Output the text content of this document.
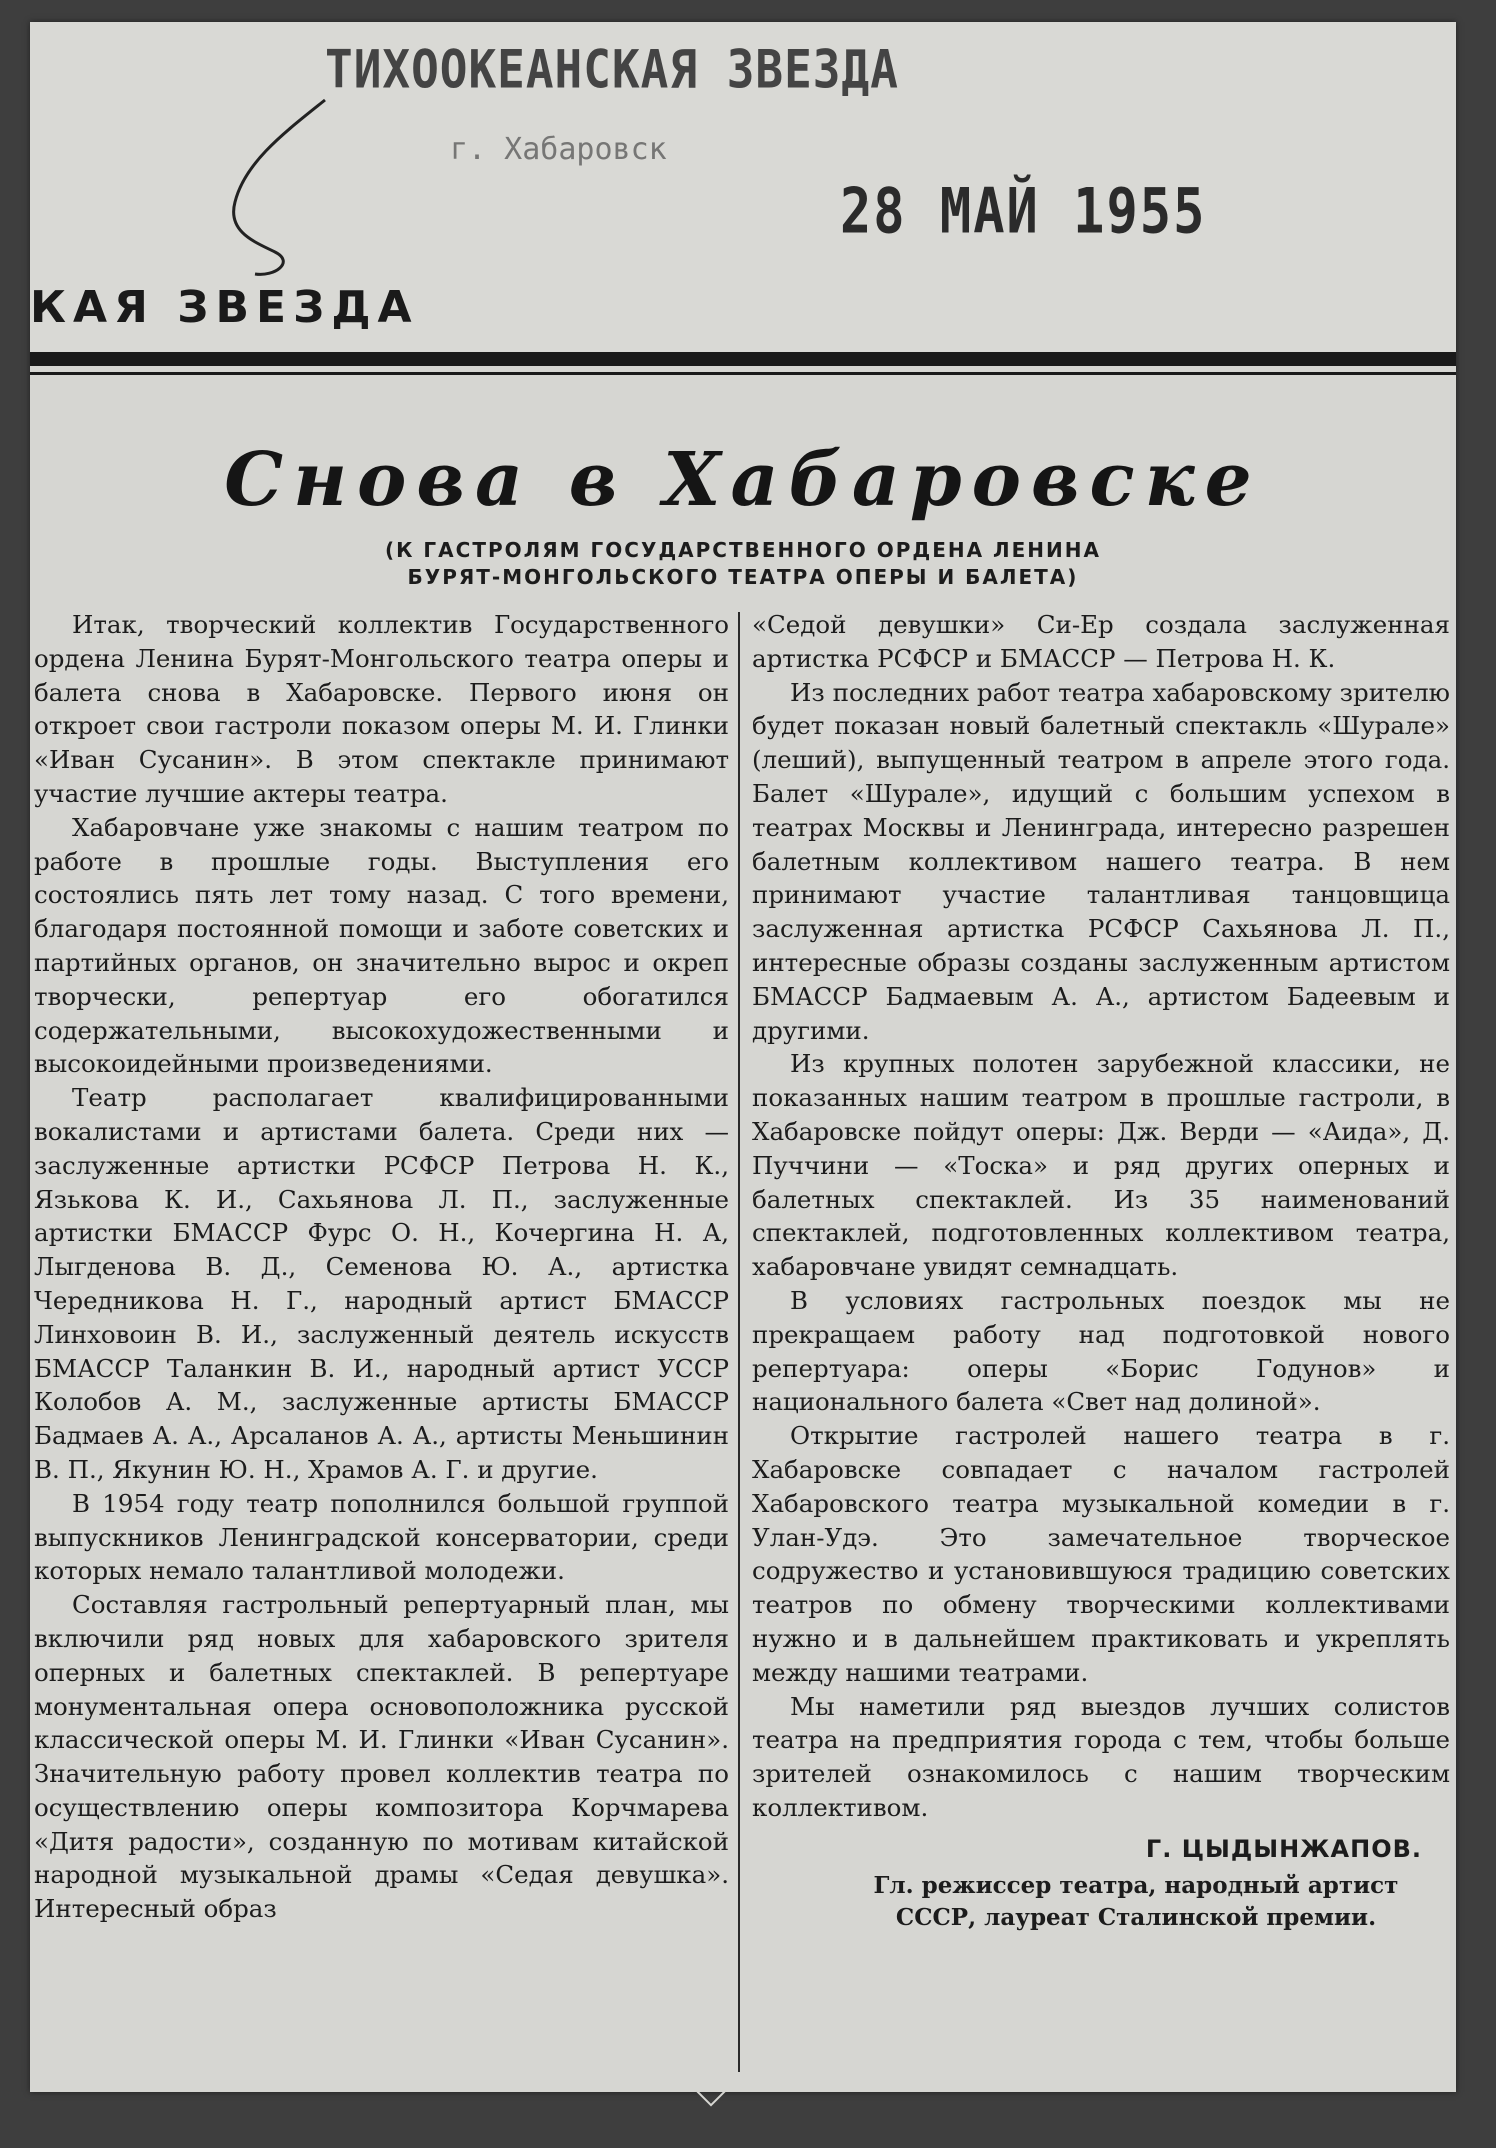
ТИХООКЕАНСКАЯ ЗВЕЗДА
г. Хабаровск
28 МАЙ 1955
КАЯ ЗВЕЗДА
Снова в Хабаровске
(К ГАСТРОЛЯМ ГОСУДАРСТВЕННОГО ОРДЕНА ЛЕНИНА
БУРЯТ-МОНГОЛЬСКОГО ТЕАТРА ОПЕРЫ И БАЛЕТА)

Итак, творческий коллектив Государственного ордена Ленина Бурят-Монгольского театра оперы и балета снова в Хабаровске. Первого июня он откроет свои гастроли показом оперы М. И. Глинки «Иван Сусанин». В этом спектакле принимают участие лучшие актеры театра.

Хабаровчане уже знакомы с нашим театром по работе в прошлые годы. Выступления его состоялись пять лет тому назад. С того времени, благодаря постоянной помощи и заботе советских и партийных органов, он значительно вырос и окреп творчески, репертуар его обогатился содержательными, высокохудожественными и высокоидейными произведениями.

Театр располагает квалифицированными вокалистами и артистами балета. Среди них — заслуженные артистки РСФСР Петрова Н. К., Язькова К. И., Сахьянова Л. П., заслуженные артистки БМАССР Фурс О. Н., Кочергина Н. А, Лыгденова В. Д., Семенова Ю. А., артистка Чередникова Н. Г., народный артист БМАССР Линховоин В. И., заслуженный деятель искусств БМАССР Таланкин В. И., народный артист УССР Колобов А. М., заслуженные артисты БМАССР Бадмаев А. А., Арсаланов А. А., артисты Меньшинин В. П., Якунин Ю. Н., Храмов А. Г. и другие.

В 1954 году театр пополнился большой группой выпускников Ленинградской консерватории, среди которых немало талантливой молодежи.

Составляя гастрольный репертуарный план, мы включили ряд новых для хабаровского зрителя оперных и балетных спектаклей. В репертуаре монументальная опера основоположника русской классической оперы М. И. Глинки «Иван Сусанин». Значительную работу провел коллектив театра по осуществлению оперы композитора Корчмарева «Дитя радости», созданную по мотивам китайской народной музыкальной драмы «Седая девушка». Интересный образ

«Седой девушки» Си-Ер создала заслуженная артистка РСФСР и БМАССР — Петрова Н. К.

Из последних работ театра хабаровскому зрителю будет показан новый балетный спектакль «Шурале» (леший), выпущенный театром в апреле этого года. Балет «Шурале», идущий с большим успехом в театрах Москвы и Ленинграда, интересно разрешен балетным коллективом нашего театра. В нем принимают участие талантливая танцовщица заслуженная артистка РСФСР Сахьянова Л. П., интересные образы созданы заслуженным артистом БМАССР Бадмаевым А. А., артистом Бадеевым и другими.

Из крупных полотен зарубежной классики, не показанных нашим театром в прошлые гастроли, в Хабаровске пойдут оперы: Дж. Верди — «Аида», Д. Пуччини — «Тоска» и ряд других оперных и балетных спектаклей. Из 35 наименований спектаклей, подготовленных коллективом театра, хабаровчане увидят семнадцать.

В условиях гастрольных поездок мы не прекращаем работу над подготовкой нового репертуара: оперы «Борис Годунов» и национального балета «Свет над долиной».

Открытие гастролей нашего театра в г. Хабаровске совпадает с началом гастролей Хабаровского театра музыкальной комедии в г. Улан-Удэ. Это замечательное творческое содружество и установившуюся традицию советских театров по обмену творческими коллективами нужно и в дальнейшем практиковать и укреплять между нашими театрами.

Мы наметили ряд выездов лучших солистов театра на предприятия города с тем, чтобы больше зрителей ознакомилось с нашим творческим коллективом.

Г. ЦЫДЫНЖАПОВ.
Гл. режиссер театра, народный артист
СССР, лауреат Сталинской премии.
